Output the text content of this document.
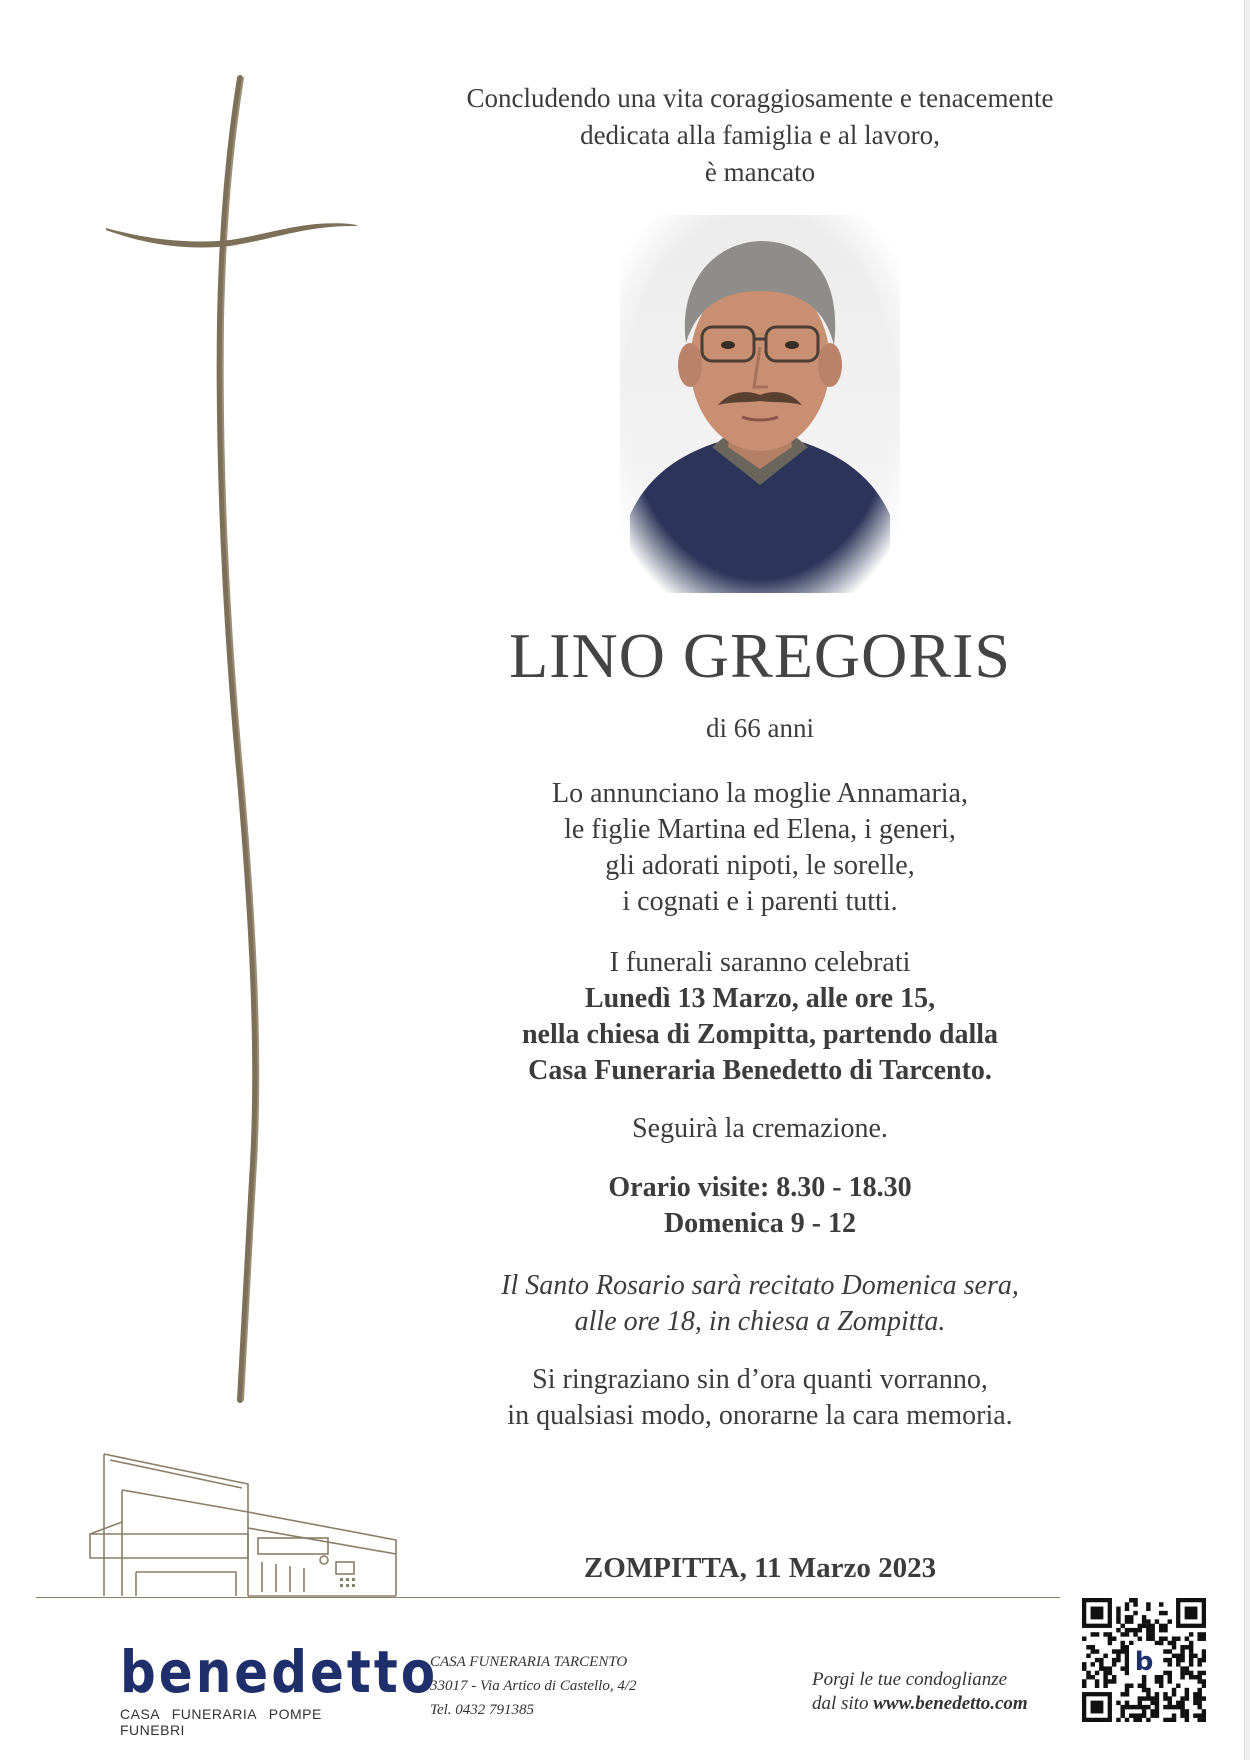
Concludendo una vita coraggiosamente e tenacemente
dedicata alla famiglia e al lavoro,
è mancato
LINO GREGORIS
di 66 anni
Lo annunciano la moglie Annamaria,
le figlie Martina ed Elena, i generi,
gli adorati nipoti, le sorelle,
i cognati e i parenti tutti.
I funerali saranno celebrati
Lunedì 13 Marzo, alle ore 15,
nella chiesa di Zompitta, partendo dalla
Casa Funeraria Benedetto di Tarcento.
Seguirà la cremazione.
Orario visite: 8.30 - 18.30
Domenica 9 - 12
Il Santo Rosario sarà recitato Domenica sera,
alle ore 18, in chiesa a Zompitta.
Si ringraziano sin d’ora quanti vorranno,
in qualsiasi modo, onorarne la cara memoria.
ZOMPITTA, 11 Marzo 2023
benedetto
CASA FUNERARIA POMPE FUNEBRI
CASA FUNERARIA TARCENTO
33017 - Via Artico di Castello, 4/2
Tel. 0432 791385
Porgi le tue condoglianze
dal sito www.benedetto.com
b
